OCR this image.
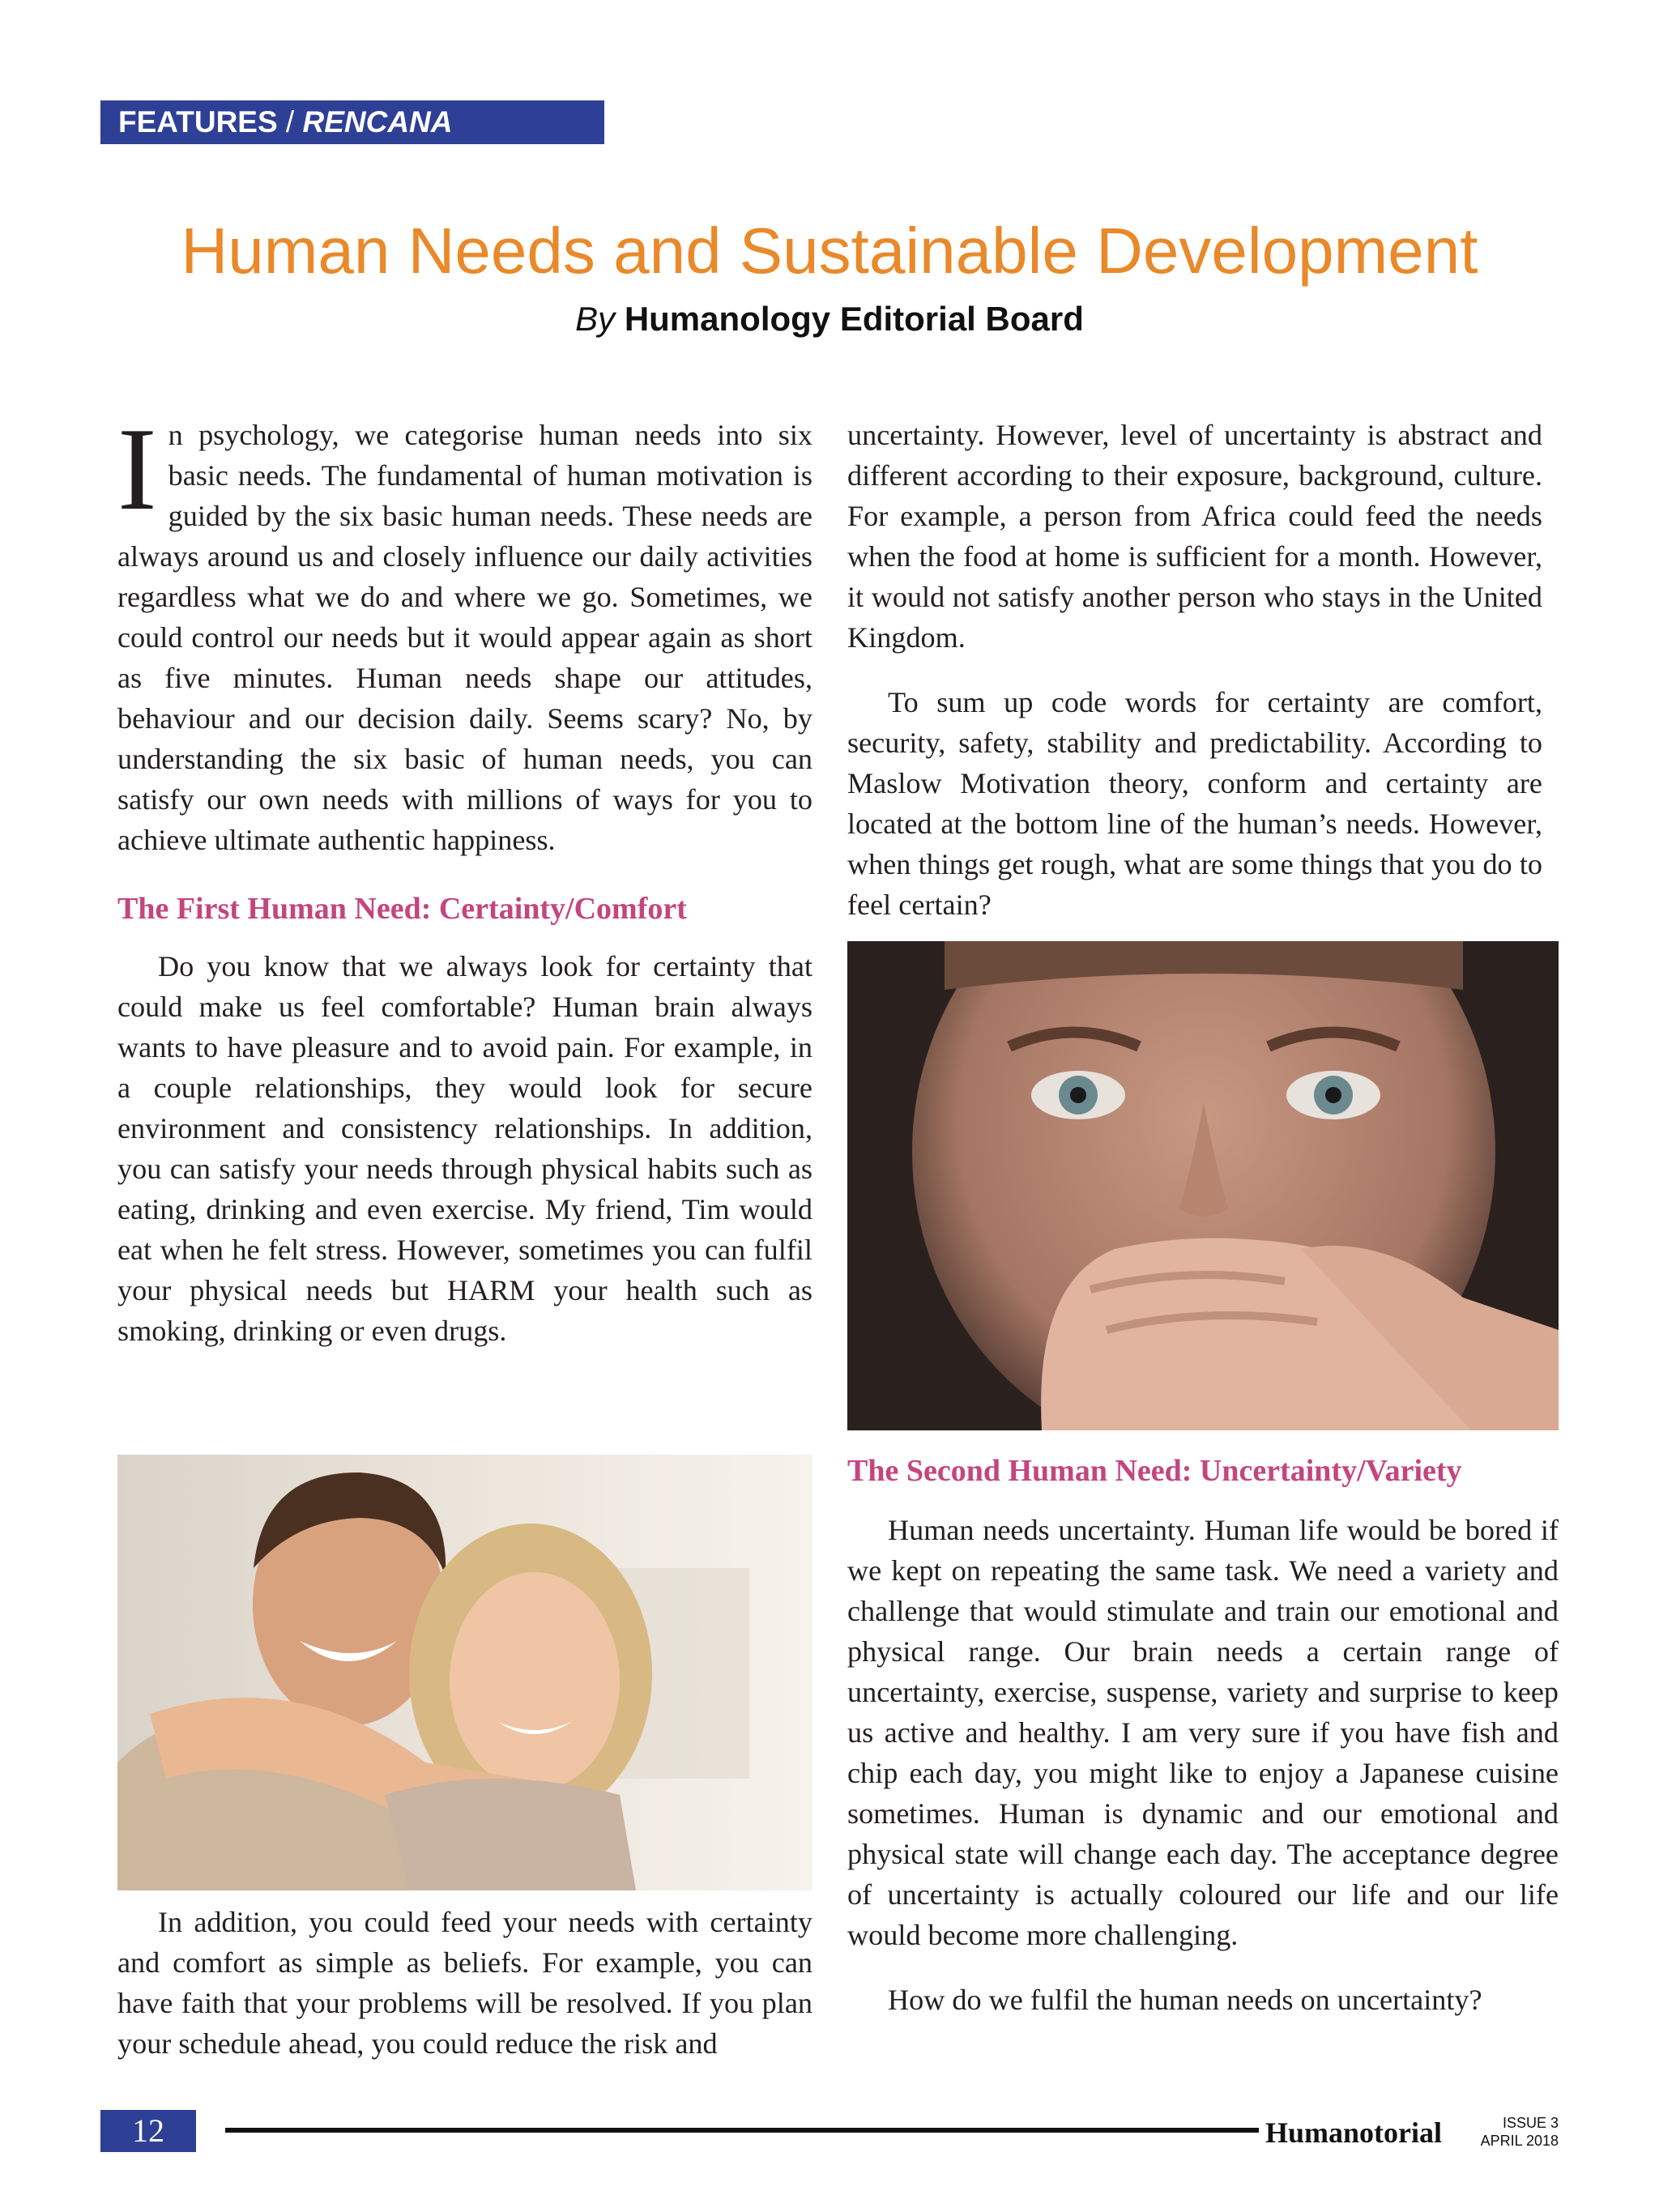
FEATURES / RENCANA
Human Needs and Sustainable Development
By Humanology Editorial Board

In psychology, we categorise human needs into six basic needs. The fundamental of human motivation is guided by the six basic human needs. These needs are always around us and closely influence our daily activities regardless what we do and where we go. Sometimes, we could control our needs but it would appear again as short as five minutes. Human needs shape our attitudes, behaviour and our decision daily. Seems scary? No, by understanding the six basic of human needs, you can satisfy our own needs with millions of ways for you to achieve ultimate authentic happiness.

The First Human Need: Certainty/Comfort

Do you know that we always look for certainty that could make us feel comfortable? Human brain always wants to have pleasure and to avoid pain. For example, in a couple relationships, they would look for secure environment and consistency relationships. In addition, you can satisfy your needs through physical habits such as eating, drinking and even exercise. My friend, Tim would eat when he felt stress. However, sometimes you can fulfil your physical needs but HARM your health such as smoking, drinking or even drugs.

In addition, you could feed your needs with certainty and comfort as simple as beliefs. For example, you can have faith that your problems will be resolved. If you plan your schedule ahead, you could reduce the risk and

uncertainty. However, level of uncertainty is abstract and different according to their exposure, background, culture. For example, a person from Africa could feed the needs when the food at home is sufficient for a month. However, it would not satisfy another person who stays in the United Kingdom.

To sum up code words for certainty are comfort, security, safety, stability and predictability. According to Maslow Motivation theory, conform and certainty are located at the bottom line of the human’s needs. However, when things get rough, what are some things that you do to feel certain?

The Second Human Need: Uncertainty/Variety

Human needs uncertainty. Human life would be bored if we kept on repeating the same task. We need a variety and challenge that would stimulate and train our emotional and physical range. Our brain needs a certain range of uncertainty, exercise, suspense, variety and surprise to keep us active and healthy. I am very sure if you have fish and chip each day, you might like to enjoy a Japanese cuisine sometimes. Human is dynamic and our emotional and physical state will change each day. The acceptance degree of uncertainty is actually coloured our life and our life would become more challenging.

How do we fulfil the human needs on uncertainty?

12	Humanotorial	ISSUE 3
APRIL 2018
